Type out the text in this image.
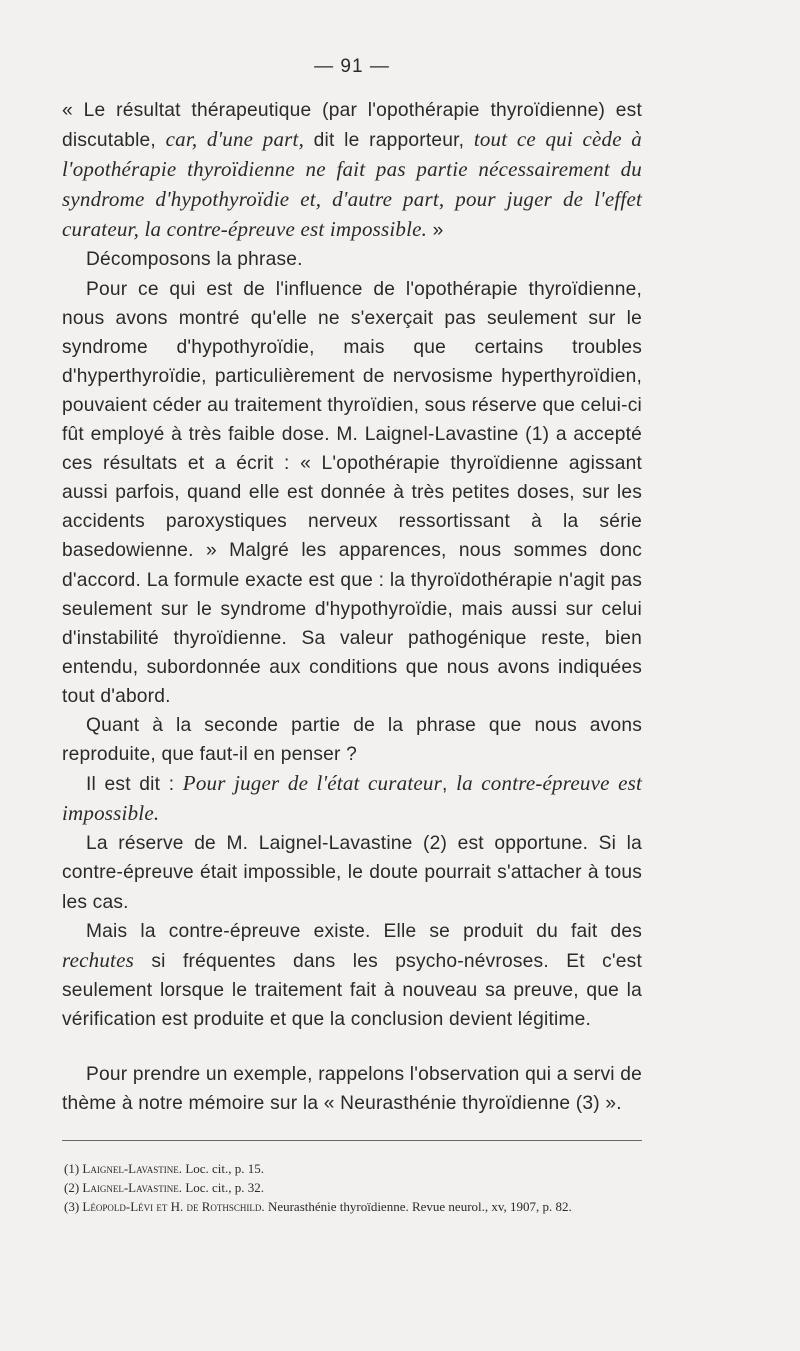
— 91 —

« Le résultat thérapeutique (par l'opothérapie thyroïdienne) est discutable, car, d'une part, dit le rapporteur, tout ce qui cède à l'opothérapie thyroïdienne ne fait pas partie nécessairement du syndrome d'hypothyroïdie et, d'autre part, pour juger de l'effet curateur, la contre-épreuve est impossible. »

Décomposons la phrase.

Pour ce qui est de l'influence de l'opothérapie thyroïdienne, nous avons montré qu'elle ne s'exerçait pas seulement sur le syndrome d'hypothyroïdie, mais que certains troubles d'hyperthyroïdie, particulièrement de nervosisme hyperthyroïdien, pouvaient céder au traitement thyroïdien, sous réserve que celui-ci fût employé à très faible dose. M. Laignel-Lavastine (1) a accepté ces résultats et a écrit : « L'opothérapie thyroïdienne agissant aussi parfois, quand elle est donnée à très petites doses, sur les accidents paroxystiques nerveux ressortissant à la série basedowienne. » Malgré les apparences, nous sommes donc d'accord. La formule exacte est que : la thyroïdothérapie n'agit pas seulement sur le syndrome d'hypothyroïdie, mais aussi sur celui d'instabilité thyroïdienne. Sa valeur pathogénique reste, bien entendu, subordonnée aux conditions que nous avons indiquées tout d'abord.

Quant à la seconde partie de la phrase que nous avons reproduite, que faut-il en penser ?

Il est dit : Pour juger de l'état curateur, la contre-épreuve est impossible.

La réserve de M. Laignel-Lavastine (2) est opportune. Si la contre-épreuve était impossible, le doute pourrait s'attacher à tous les cas.

Mais la contre-épreuve existe. Elle se produit du fait des rechutes si fréquentes dans les psycho-névroses. Et c'est seulement lorsque le traitement fait à nouveau sa preuve, que la vérification est produite et que la conclusion devient légitime.

Pour prendre un exemple, rappelons l'observation qui a servi de thème à notre mémoire sur la « Neurasthénie thyroïdienne (3) ».

(1) Laignel-Lavastine. Loc. cit., p. 15.

(2) Laignel-Lavastine. Loc. cit., p. 32.

(3) Léopold-Lévi et H. de Rothschild. Neurasthénie thyroïdienne. Revue neurol., xv, 1907, p. 82.
